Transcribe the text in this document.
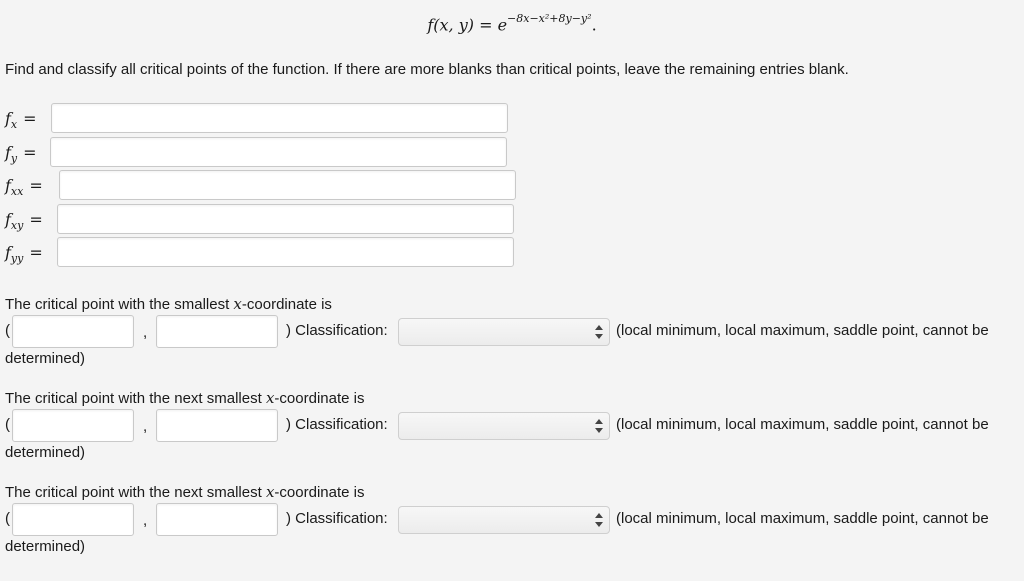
f(x, $y) = e^{-8x-x^2+8y-y^2}$.
Find and classify all critical points of the function. If there are more blanks than critical points, leave the remaining entries blank.
$f_x$ =
$f_y$ =
$f_{xx}$ =
$f_{xy}$ =
$f_{yy}$ =
The critical point with the smallest x-coordinate is
(	,	) Classification:	(local minimum, local maximum, saddle point, cannot be
determined)
The critical point with the next smallest x-coordinate is
(	,	) Classification:	(local minimum, local maximum, saddle point, cannot be
determined)
The critical point with the next smallest x-coordinate is
(	,	) Classification:	(local minimum, local maximum, saddle point, cannot be
determined)
